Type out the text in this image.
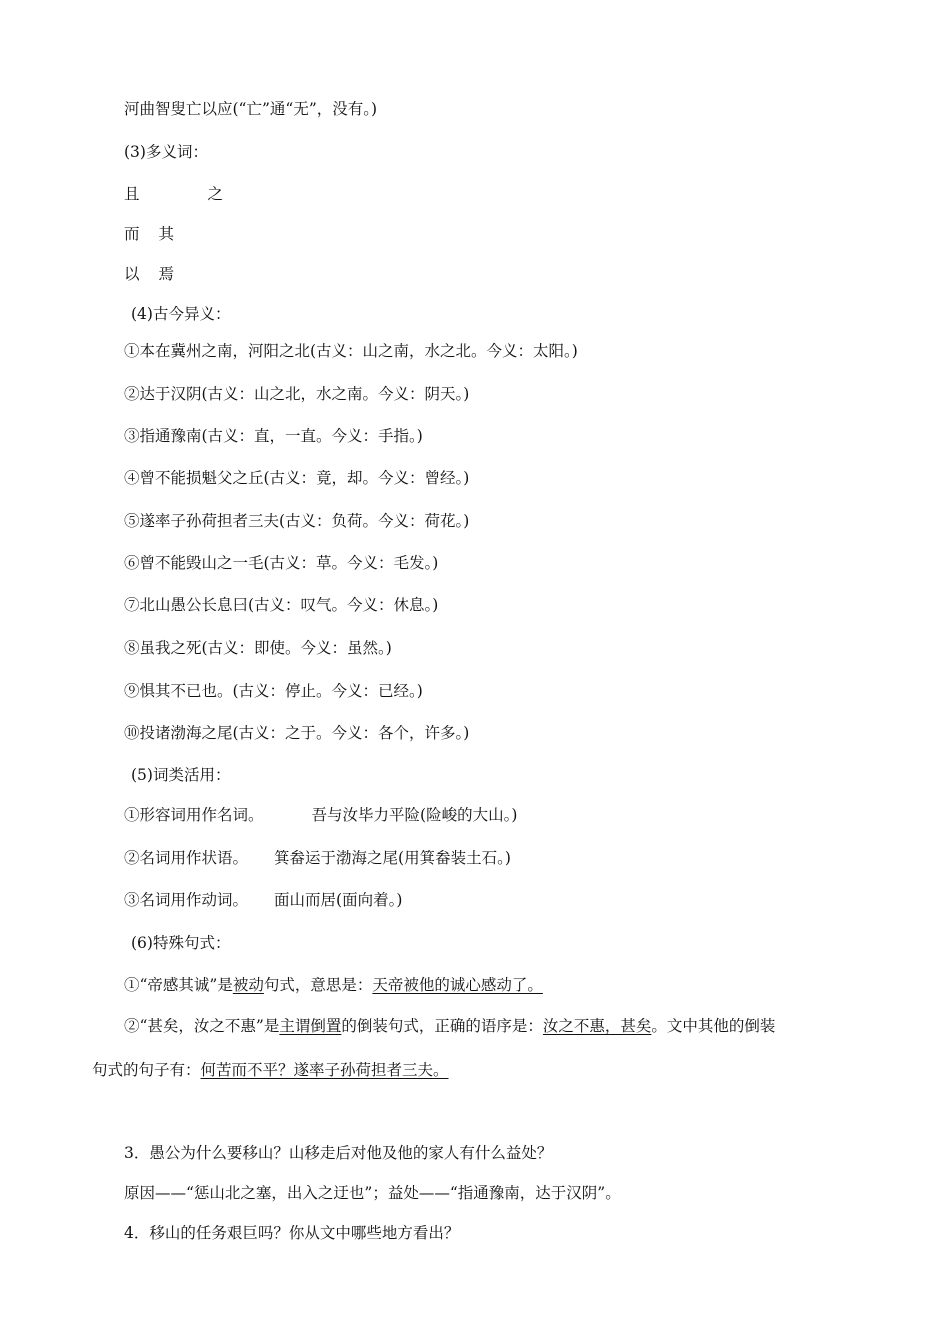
河曲智叟亡以应(“亡”通“无”，没有。)
(3)多义词：
且	之
而 其
以 焉
(4)古今异义：
①本在冀州之南，河阳之北(古义：山之南，水之北。今义：太阳。)
②达于汉阴(古义：山之北，水之南。今义：阴天。)
③指通豫南(古义：直，一直。今义：手指。)
④曾不能损魁父之丘(古义：竟，却。今义：曾经。)
⑤遂率子孙荷担者三夫(古义：负荷。今义：荷花。)
⑥曾不能毁山之一毛(古义：草。今义：毛发。)
⑦北山愚公长息曰(古义：叹气。今义：休息。)
⑧虽我之死(古义：即使。今义：虽然。)
⑨惧其不已也。(古义：停止。今义：已经。)
⑩投诸渤海之尾(古义：之于。今义：各个，许多。)
(5)词类活用：
①形容词用作名词。	吾与汝毕力平险(险峻的大山。)
②名词用作状语。 箕畚运于渤海之尾(用箕畚装土石。)
③名词用作动词。 面山而居(面向着。)
(6)特殊句式：
①“帝感其诚”是被动句式，意思是：天帝被他的诚心感动了。
②“甚矣，汝之不惠”是主谓倒置的倒装句式，正确的语序是：汝之不惠，甚矣。文中其他的倒装
句式的句子有：何苦而不平？遂率子孙荷担者三夫。
3．愚公为什么要移山？山移走后对他及他的家人有什么益处？
原因——“惩山北之塞，出入之迂也”；益处——“指通豫南，达于汉阴”。
4．移山的任务艰巨吗？你从文中哪些地方看出？
